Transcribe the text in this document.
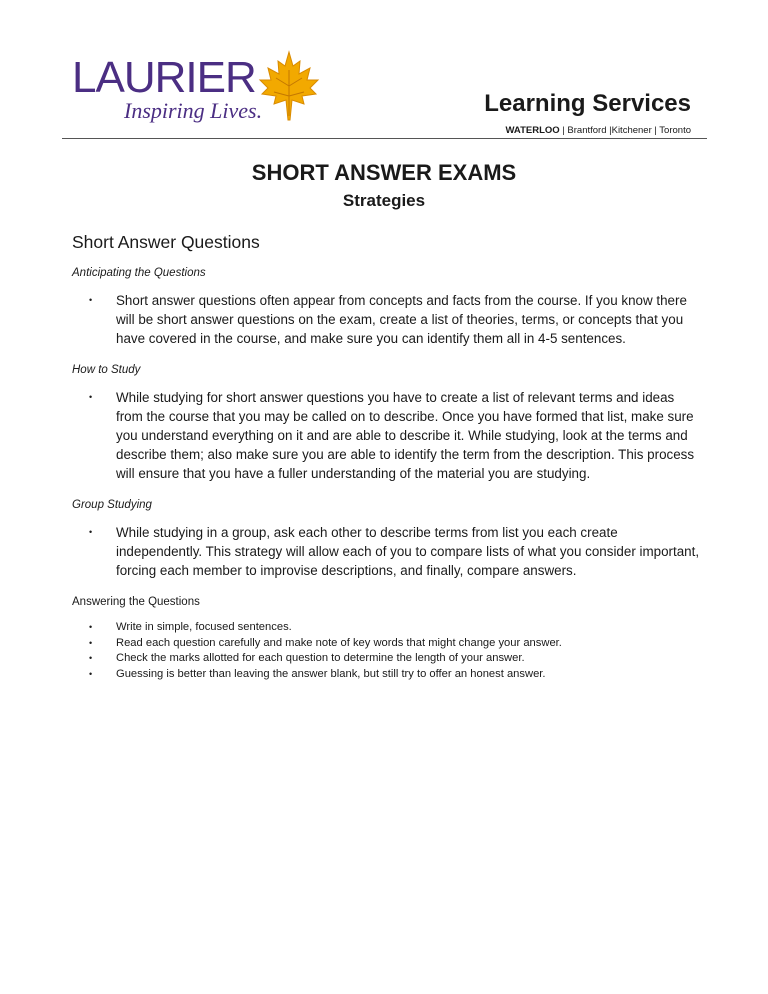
LAURIER
Inspiring Lives.	Learning Services
WATERLOO | Brantford |Kitchener | Toronto
SHORT ANSWER EXAMS
Strategies
Short Answer Questions
Anticipating the Questions
• Short answer questions often appear from concepts and facts from the course. If you know there will be short answer questions on the exam, create a list of theories, terms, or concepts that you have covered in the course, and make sure you can identify them all in 4-5 sentences.
How to Study
• While studying for short answer questions you have to create a list of relevant terms and ideas from the course that you may be called on to describe. Once you have formed that list, make sure you understand everything on it and are able to describe it. While studying, look at the terms and describe them; also make sure you are able to identify the term from the description. This process will ensure that you have a fuller understanding of the material you are studying.
Group Studying
• While studying in a group, ask each other to describe terms from list you each create independently. This strategy will allow each of you to compare lists of what you consider important, forcing each member to improvise descriptions, and finally, compare answers.
Answering the Questions
• Write in simple, focused sentences.
• Read each question carefully and make note of key words that might change your answer.
• Check the marks allotted for each question to determine the length of your answer.
• Guessing is better than leaving the answer blank, but still try to offer an honest answer.
